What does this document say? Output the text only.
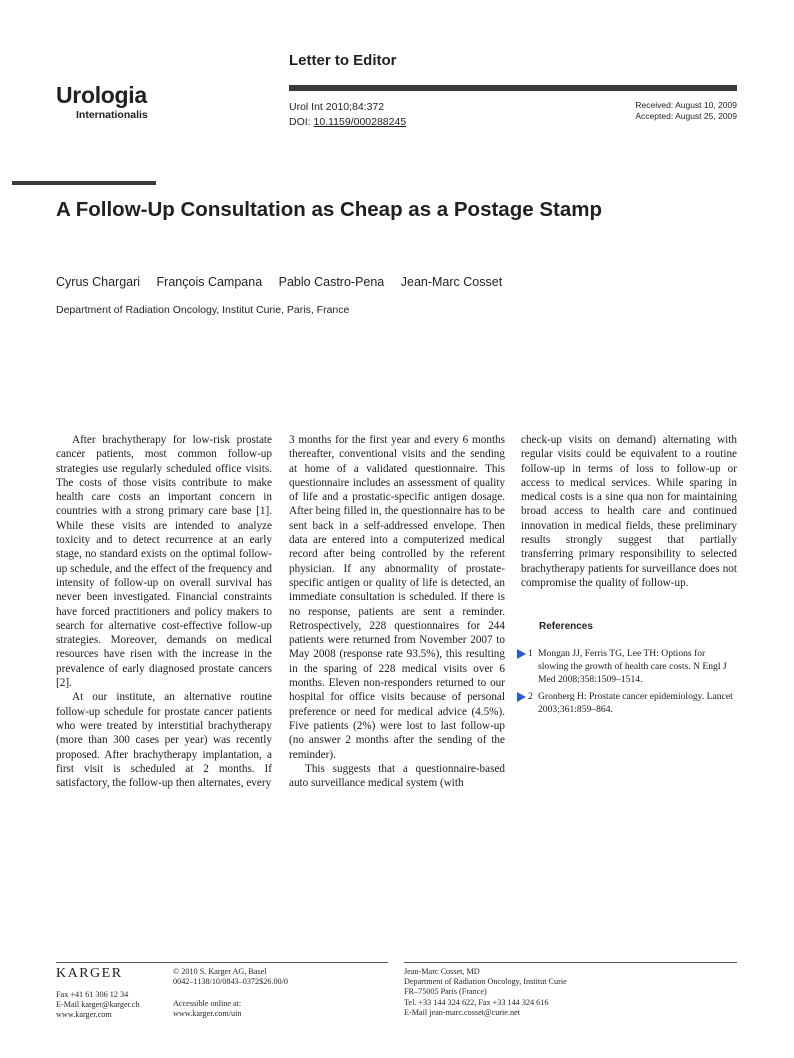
Urologia
Internationalis
Letter to Editor
Urol Int 2010;84:372
DOI: 10.1159/000288245
Received: August 10, 2009
Accepted: August 25, 2009
A Follow-Up Consultation as Cheap as a Postage Stamp
Cyrus Chargari François Campana Pablo Castro-Pena Jean-Marc Cosset
Department of Radiation Oncology, Institut Curie, Paris, France

After brachytherapy for low-risk prostate cancer patients, most common follow-up strategies use regularly scheduled office visits. The costs of those visits contribute to make health care costs an important concern in countries with a strong primary care base [1]. While these visits are intended to analyze toxicity and to detect recurrence at an early stage, no standard exists on the optimal follow-up schedule, and the effect of the frequency and intensity of follow-up on overall survival has never been investigated. Financial constraints have forced practitioners and policy makers to search for alternative cost-effective follow-up strategies. Moreover, demands on medical resources have risen with the increase in the prevalence of early diagnosed prostate cancers [2].

At our institute, an alternative routine follow-up schedule for prostate cancer patients who were treated by interstitial brachytherapy (more than 300 cases per year) was recently proposed. After brachytherapy implantation, a first visit is scheduled at 2 months. If satisfactory, the follow-up then alternates, every

3 months for the first year and every 6 months thereafter, conventional visits and the sending at home of a validated questionnaire. This questionnaire includes an assessment of quality of life and a prostatic-specific antigen dosage. After being filled in, the questionnaire has to be sent back in a self-addressed envelope. Then data are entered into a computerized medical record after being controlled by the referent physician. If any abnormality of prostate-specific antigen or quality of life is detected, an immediate consultation is scheduled. If there is no response, patients are sent a reminder. Retrospectively, 228 questionnaires for 244 patients were returned from November 2007 to May 2008 (response rate 93.5%), this resulting in the sparing of 228 medical visits over 6 months. Eleven non-responders returned to our hospital for office visits because of personal preference or need for medical advice (4.5%). Five patients (2%) were lost to last follow-up (no answer 2 months after the sending of the reminder).

This suggests that a questionnaire-based auto surveillance medical system (with

check-up visits on demand) alternating with regular visits could be equivalent to a routine follow-up in terms of loss to follow-up or access to medical services. While sparing in medical costs is a sine qua non for maintaining broad access to health care and continued innovation in medical fields, these preliminary results strongly suggest that partially transferring primary responsibility to selected brachytherapy patients for surveillance does not compromise the quality of follow-up.

References
1 Mongan JJ, Ferris TG, Lee TH: Options for slowing the growth of health care costs. N Engl J Med 2008;358:1509–1514.
2 Gronberg H: Prostate cancer epidemiology. Lancet 2003;361:859–864.
KARGER
Fax +41 61 306 12 34
E-Mail karger@karger.ch
www.karger.com
© 2010 S. Karger AG, Basel
0042–1138/10/0843–0372$26.00/0
Accessible online at:
www.karger.com/uin
Jean-Marc Cosset, MD
Department of Radiation Oncology, Institut Curie
FR–75005 Paris (France)
Tel. +33 144 324 622, Fax +33 144 324 616
E-Mail jean-marc.cosset@curie.net
